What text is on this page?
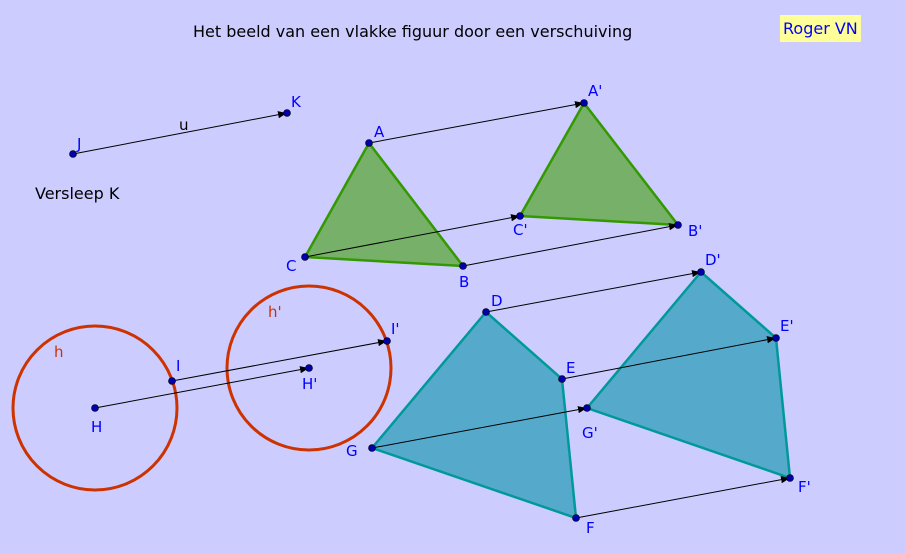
Het beeld van een vlakke figuur door een verschuiving	Roger VN
Versleep K
J
K
A
B
C
A'
B'
C'
D
E
F
G
D'
E'
F'
G'
H
I
H'
I'
u
h
h'
